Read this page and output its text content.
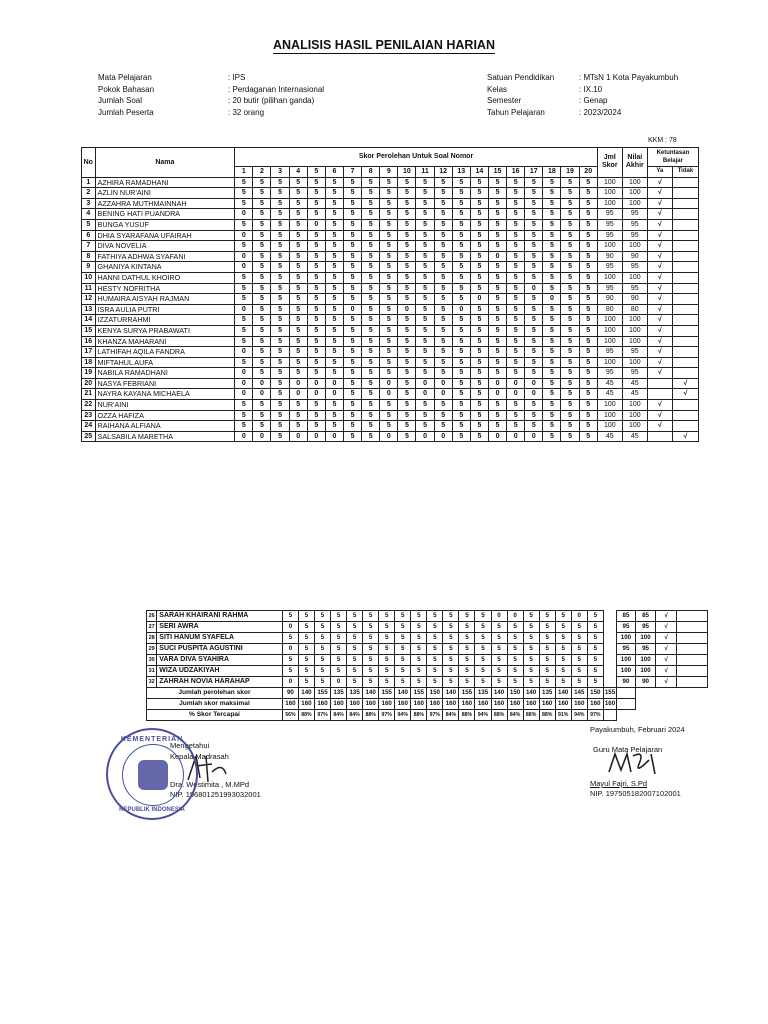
ANALISIS HASIL PENILAIAN HARIAN
Mata Pelajaran	: IPS
Pokok Bahasan	: Perdaganan Internasional
Jumlah Soal	: 20 butir (pilihan ganda)
Jumlah Peserta	: 32 orang
Satuan Pendidikan	: MTsN 1 Kota Payakumbuh
Kelas	: IX.10
Semester	: Genap
Tahun Pelajaran	: 2023/2024
KKM : 78
No	Nama	Skor Perolehan Untuk Soal Nomor																				Jml Skor	Nilai Akhir	Ketuntasan Belajar	
		1	2	3	4	5	6	7	8	9	10	11	12	13	14	15	16	17	18	19	20			Ya	Tidak
1	AZHIRA RAMADHANI	5	5	5	5	5	5	5	5	5	5	5	5	5	5	5	5	5	5	5	5	100	100	√	
2	AZLIN NUR'AINI	5	5	5	5	5	5	5	5	5	5	5	5	5	5	5	5	5	5	5	5	100	100	√	
3	AZZAHRA MUTHMAINNAH	5	5	5	5	5	5	5	5	5	5	5	5	5	5	5	5	5	5	5	5	100	100	√	
4	BENING HATI PUANDRA	0	5	5	5	5	5	5	5	5	5	5	5	5	5	5	5	5	5	5	5	95	95	√	
5	BUNGA YUSUF	5	5	5	5	0	5	5	5	5	5	5	5	5	5	5	5	5	5	5	5	95	95	√	
6	DHIA SYARAFANA UFAIRAH	0	5	5	5	5	5	5	5	5	5	5	5	5	5	5	5	5	5	5	5	95	95	√	
7	DIVA NOVELIA	5	5	5	5	5	5	5	5	5	5	5	5	5	5	5	5	5	5	5	5	100	100	√	
8	FATHIYA ADHWA SYAFANI	0	5	5	5	5	5	5	5	5	5	5	5	5	5	0	5	5	5	5	5	90	90	√	
9	GHANIYA KINTANA	0	5	5	5	5	5	5	5	5	5	5	5	5	5	5	5	5	5	5	5	95	95	√	
10	HANNI DATHUL KHOIRO	5	5	5	5	5	5	5	5	5	5	5	5	5	5	5	5	5	5	5	5	100	100	√	
11	HESTY NOFRITHA	5	5	5	5	5	5	5	5	5	5	5	5	5	5	5	5	0	5	5	5	95	95	√	
12	HUMAIRA AISYAH RAJMAN	5	5	5	5	5	5	5	5	5	5	5	5	5	0	5	5	5	0	5	5	90	90	√	
13	ISRA AULIA PUTRI	0	5	5	5	5	5	0	5	5	0	5	5	0	5	5	5	5	5	5	5	80	80	√	
14	IZZATURRAHMI	5	5	5	5	5	5	5	5	5	5	5	5	5	5	5	5	5	5	5	5	100	100	√	
15	KENYA SURYA PRABAWATI	5	5	5	5	5	5	5	5	5	5	5	5	5	5	5	5	5	5	5	5	100	100	√	
16	KHANZA MAHARANI	5	5	5	5	5	5	5	5	5	5	5	5	5	5	5	5	5	5	5	5	100	100	√	
17	LATHIFAH AQILA FANDRA	0	5	5	5	5	5	5	5	5	5	5	5	5	5	5	5	5	5	5	5	95	95	√	
18	MIFTAHUL AUFA	5	5	5	5	5	5	5	5	5	5	5	5	5	5	5	5	5	5	5	5	100	100	√	
19	NABILA RAMADHANI	0	5	5	5	5	5	5	5	5	5	5	5	5	5	5	5	5	5	5	5	95	95	√	
20	NASYA FEBRIANI	0	0	5	0	0	0	5	5	0	5	0	0	5	5	0	0	0	5	5	5	45	45		√
21	NAYRA KAYANA MICHAELA	0	0	5	0	0	0	5	5	0	5	0	0	5	5	0	0	0	5	5	5	45	45		√
22	NUR'AINI	5	5	5	5	5	5	5	5	5	5	5	5	5	5	5	5	5	5	5	5	100	100	√	
23	OZZA HAFIZA	5	5	5	5	5	5	5	5	5	5	5	5	5	5	5	5	5	5	5	5	100	100	√	
24	RAIHANA ALFIANA	5	5	5	5	5	5	5	5	5	5	5	5	5	5	5	5	5	5	5	5	100	100	√	
25	SALSABILA MARETHA	0	0	5	0	0	0	5	5	0	5	0	0	5	5	0	0	0	5	5	5	45	45		√
26	SARAH KHAIRANI RAHMA	5	5	5	5	5	5	5	5	5	5	5	5	5	0	0	5	5	5	0	5		85	85	√	
27	SERI AWRA	0	5	5	5	5	5	5	5	5	5	5	5	5	5	5	5	5	5	5	5		95	95	√	
28	SITI HANUM SYAFELA	5	5	5	5	5	5	5	5	5	5	5	5	5	5	5	5	5	5	5	5		100	100	√	
29	SUCI PUSPITA AGUSTINI	0	5	5	5	5	5	5	5	5	5	5	5	5	5	5	5	5	5	5	5		95	95	√	
30	VARA DIVA SYAHIRA	5	5	5	5	5	5	5	5	5	5	5	5	5	5	5	5	5	5	5	5		100	100	√	
31	WIZA UDZAKIYAH	5	5	5	5	5	5	5	5	5	5	5	5	5	5	5	5	5	5	5	5		100	100	√	
32	ZAHRAH NOVIA HARAHAP	0	5	5	0	5	5	5	5	5	5	5	5	5	5	5	5	5	5	5	5		90	90	√	
Jumlah perolehan skor		90	140	155	135	135	140	155	140	155	150	140	155	135	140	150	140	135	140	145	150	155				
Jumlah skor maksimal		160	160	160	160	160	160	160	160	160	160	160	160	160	160	160	160	160	160	160	160	160				
% Skor Tercapai		56%	88%	97%	84%	84%	88%	97%	94%	88%	97%	84%	88%	94%	88%	84%	88%	88%	91%	94%	97%					
Payakumbuh, Februari 2024
Guru Mata Pelajaran
Mayul Fajri, S.Pd
NIP. 197505182007102001
Mengetahui
Kepala Madrasah
Dra. Westimita , M.MPd
NIP. 196801251993032001
KEMENTERIAN
REPUBLIK INDONESIA
